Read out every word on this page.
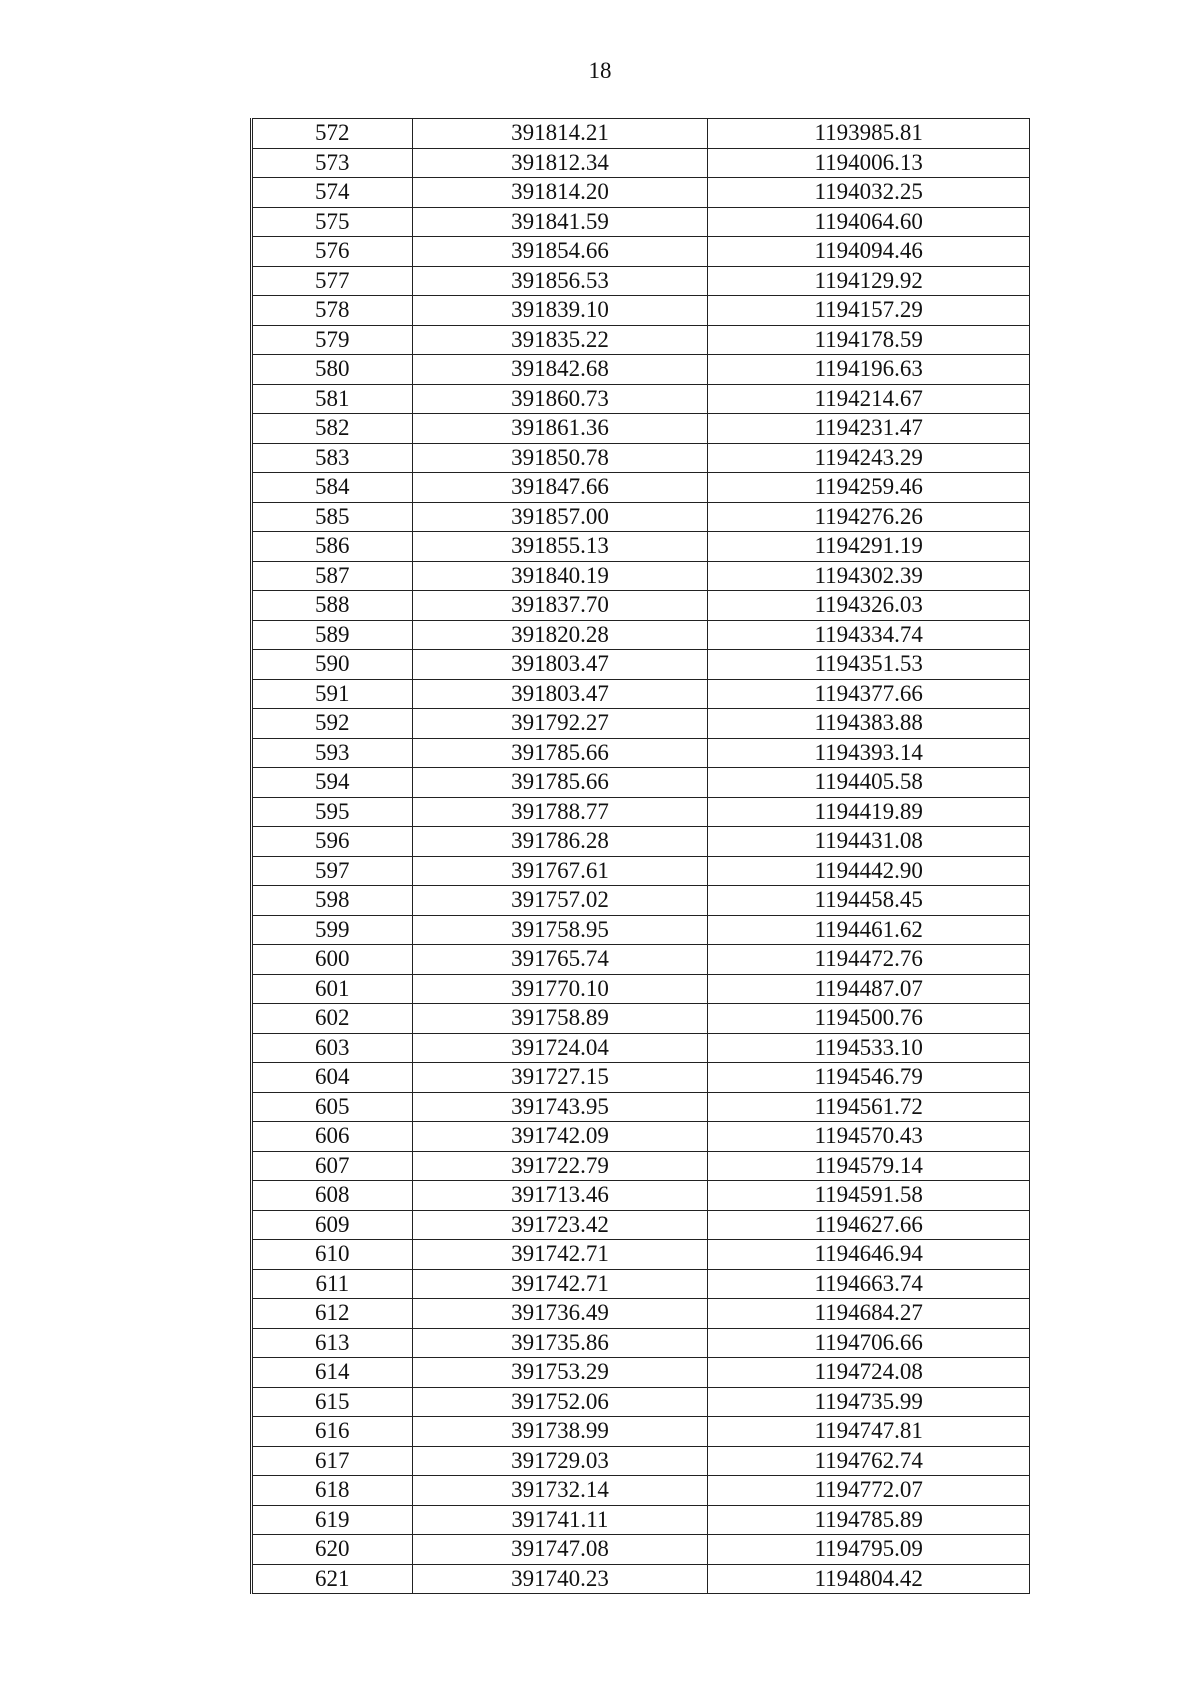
18
572	391814.21	1193985.81
573	391812.34	1194006.13
574	391814.20	1194032.25
575	391841.59	1194064.60
576	391854.66	1194094.46
577	391856.53	1194129.92
578	391839.10	1194157.29
579	391835.22	1194178.59
580	391842.68	1194196.63
581	391860.73	1194214.67
582	391861.36	1194231.47
583	391850.78	1194243.29
584	391847.66	1194259.46
585	391857.00	1194276.26
586	391855.13	1194291.19
587	391840.19	1194302.39
588	391837.70	1194326.03
589	391820.28	1194334.74
590	391803.47	1194351.53
591	391803.47	1194377.66
592	391792.27	1194383.88
593	391785.66	1194393.14
594	391785.66	1194405.58
595	391788.77	1194419.89
596	391786.28	1194431.08
597	391767.61	1194442.90
598	391757.02	1194458.45
599	391758.95	1194461.62
600	391765.74	1194472.76
601	391770.10	1194487.07
602	391758.89	1194500.76
603	391724.04	1194533.10
604	391727.15	1194546.79
605	391743.95	1194561.72
606	391742.09	1194570.43
607	391722.79	1194579.14
608	391713.46	1194591.58
609	391723.42	1194627.66
610	391742.71	1194646.94
611	391742.71	1194663.74
612	391736.49	1194684.27
613	391735.86	1194706.66
614	391753.29	1194724.08
615	391752.06	1194735.99
616	391738.99	1194747.81
617	391729.03	1194762.74
618	391732.14	1194772.07
619	391741.11	1194785.89
620	391747.08	1194795.09
621	391740.23	1194804.42
